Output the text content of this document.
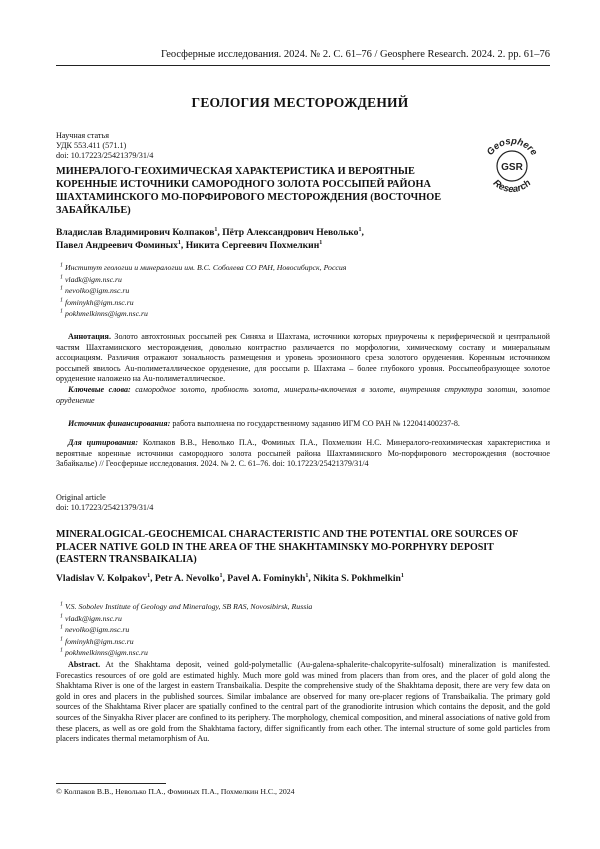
Геосферные исследования. 2024. № 2. С. 61–76 / Geosphere Research. 2024. 2. pp. 61–76
ГЕОЛОГИЯ МЕСТОРОЖДЕНИЙ
Научная статья
УДК 553.411 (571.1)
doi: 10.17223/25421379/31/4	Geosphere
GSR
Research
МИНЕРАЛОГО-ГЕОХИМИЧЕСКАЯ ХАРАКТЕРИСТИКА И ВЕРОЯТНЫЕ КОРЕННЫЕ ИСТОЧНИКИ САМОРОДНОГО ЗОЛОТА РОССЫПЕЙ РАЙОНА ШАХТАМИНСКОГО МО-ПОРФИРОВОГО МЕСТОРОЖДЕНИЯ (ВОСТОЧНОЕ ЗАБАЙКАЛЬЕ)
Владислав Владимирович Колпаков$^1$, Пётр Александрович Неволько$^1$,
Павел Андреевич Фоминых$^1$, Никита Сергеевич Похмелкин$^1$
$^1$ Институт геологии и минералогии им. В.С. Соболева СО РАН, Новосибирск, Россия
$^1$ vladk@igm.nsc.ru
$^1$ nevolko@igm.nsc.ru
$^1$ fominykh@igm.nsc.ru
$^1$ pokhmelkinns@igm.nsc.ru

Аннотация. Золото автохтонных россыпей рек Синяха и Шахтама, источники которых приурочены к периферической и центральной частям Шахтаминского месторождения, довольно контрастно различается по морфологии, химическому составу и минеральным ассоциациям. Различия отражают зональность размещения и уровень эрозионного среза золотого оруденения. Коренным источником россыпей явилось Au-полиметаллическое оруденение, для россыпи р. Шахтама – более глубокого уровня. Россыпеобразующее золотое оруденение наложено на Au-полиметаллическое.

Ключевые слова: самородное золото, пробность золота, минералы-включения в золоте, внутренняя структура золотин, золотое оруденение

Источник финансирования: работа выполнена по государственному заданию ИГМ СО РАН № 122041400237-8.
Для цитирования: Колпаков В.В., Неволько П.А., Фоминых П.А., Похмелкин Н.С. Минералого-геохимическая характеристика и вероятные коренные источники самородного золота россыпей района Шахтаминского Мо-порфирового месторождения (восточное Забайкалье) // Геосферные исследования. 2024. № 2. С. 61–76. doi: 10.17223/25421379/31/4
Original article
doi: 10.17223/25421379/31/4
MINERALOGICAL-GEOCHEMICAL CHARACTERISTIC AND THE POTENTIAL ORE SOURCES OF PLACER NATIVE GOLD IN THE AREA OF THE SHAKHTAMINSKY MO-PORPHYRY DEPOSIT (EASTERN TRANSBAIKALIA)
Vladislav V. Kolpakov$^1$, Petr A. Nevolko$^1$, Pavel A. Fominykh$^1$, Nikita S. Pokhmelkin$^1$
$^1$ V.S. Sobolev Institute of Geology and Mineralogy, SB RAS, Novosibirsk, Russia
$^1$ vladk@igm.nsc.ru
$^1$ nevolko@igm.nsc.ru
$^1$ fominykh@igm.nsc.ru
$^1$ pokhmelkinns@igm.nsc.ru

Abstract. At the Shakhtama deposit, veined gold-polymetallic (Au-galena-sphalerite-chalcopyrite-sulfosalt) mineralization is manifested. Forecastics resources of ore gold are estimated highly. Much more gold was mined from placers than from ores, and the placer of gold along the Shakhtama River is one of the largest in eastern Transbaikalia. Despite the comprehensive study of the Shakhtama deposit, there are very few data on gold in ores and placers in the published sources. Similar imbalance are observed for many ore-placer regions of Transbaikalia. The primary gold sources of the Shakhtama River placer are spatially confined to the central part of the granodiorite intrusion which contains the deposit, and the gold sources of the Sinyakha River placer are confined to its periphery. The morphology, chemical composition, and mineral associations of native gold from these placers, as well as ore gold from the Shakhtama factory, differ significantly from each other. The internal structure of some gold particles from placers indicates thermal metamorphism of Au.

© Колпаков В.В., Неволько П.А., Фоминых П.А., Похмелкин Н.С., 2024
